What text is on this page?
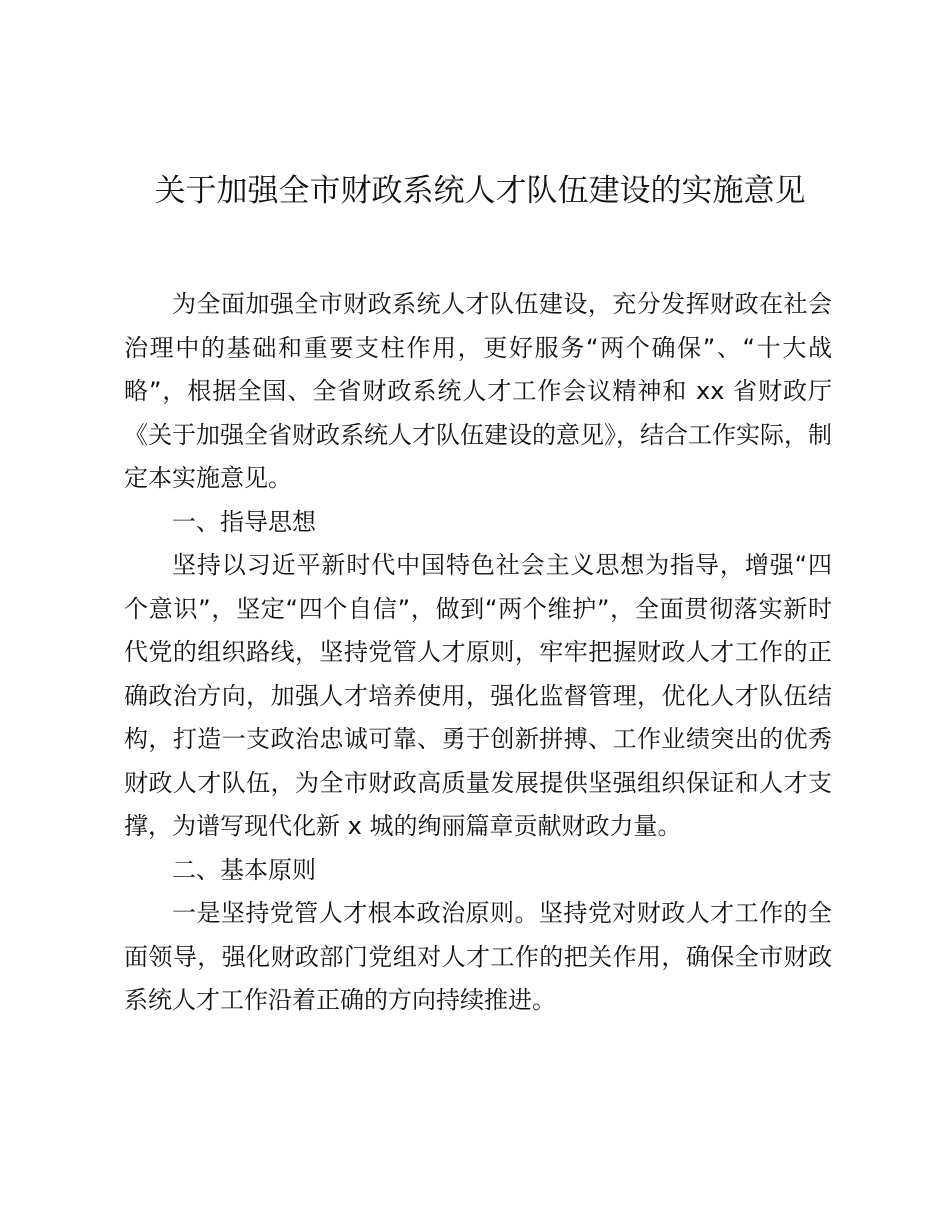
关于加强全市财政系统人才队伍建设的实施意见

为全面加强全市财政系统人才队伍建设，充分发挥财政在社会治理中的基础和重要支柱作用，更好服务“两个确保”、“十大战略”，根据全国、全省财政系统人才工作会议精神和 xx 省财政厅《关于加强全省财政系统人才队伍建设的意见》，结合工作实际，制定本实施意见。

一、指导思想

坚持以习近平新时代中国特色社会主义思想为指导，增强“四个意识”，坚定“四个自信”，做到“两个维护”，全面贯彻落实新时代党的组织路线，坚持党管人才原则，牢牢把握财政人才工作的正确政治方向，加强人才培养使用，强化监督管理，优化人才队伍结构，打造一支政治忠诚可靠、勇于创新拼搏、工作业绩突出的优秀财政人才队伍，为全市财政高质量发展提供坚强组织保证和人才支撑，为谱写现代化新 x 城的绚丽篇章贡献财政力量。

二、基本原则

一是坚持党管人才根本政治原则。坚持党对财政人才工作的全面领导，强化财政部门党组对人才工作的把关作用，确保全市财政系统人才工作沿着正确的方向持续推进。
